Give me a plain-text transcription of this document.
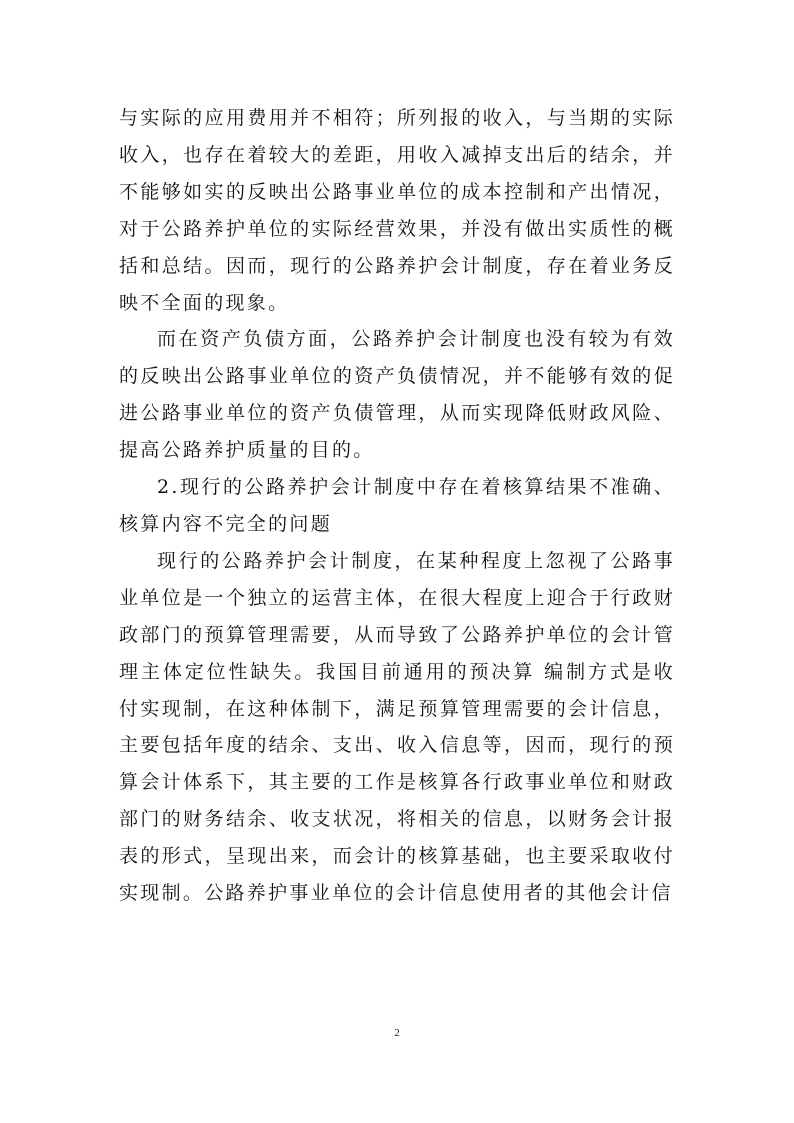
与实际的应用费用并不相符；所列报的收入，与当期的实际收入，也存在着较大的差距，用收入减掉支出后的结余，并不能够如实的反映出公路事业单位的成本控制和产出情况，对于公路养护单位的实际经营效果，并没有做出实质性的概括和总结。因而，现行的公路养护会计制度，存在着业务反映不全面的现象。

而在资产负债方面，公路养护会计制度也没有较为有效的反映出公路事业单位的资产负债情况，并不能够有效的促进公路事业单位的资产负债管理，从而实现降低财政风险、提高公路养护质量的目的。

2.现行的公路养护会计制度中存在着核算结果不准确、核算内容不完全的问题

现行的公路养护会计制度，在某种程度上忽视了公路事业单位是一个独立的运营主体，在很大程度上迎合于行政财政部门的预算管理需要，从而导致了公路养护单位的会计管理主体定位性缺失。我国目前通用的预决算 编制方式是收付实现制，在这种体制下，满足预算管理需要的会计信息，主要包括年度的结余、支出、收入信息等，因而，现行的预算会计体系下，其主要的工作是核算各行政事业单位和财政部门的财务结余、收支状况，将相关的信息，以财务会计报表的形式，呈现出来，而会计的核算基础，也主要采取收付实现制。公路养护事业单位的会计信息使用者的其他会计信

2
